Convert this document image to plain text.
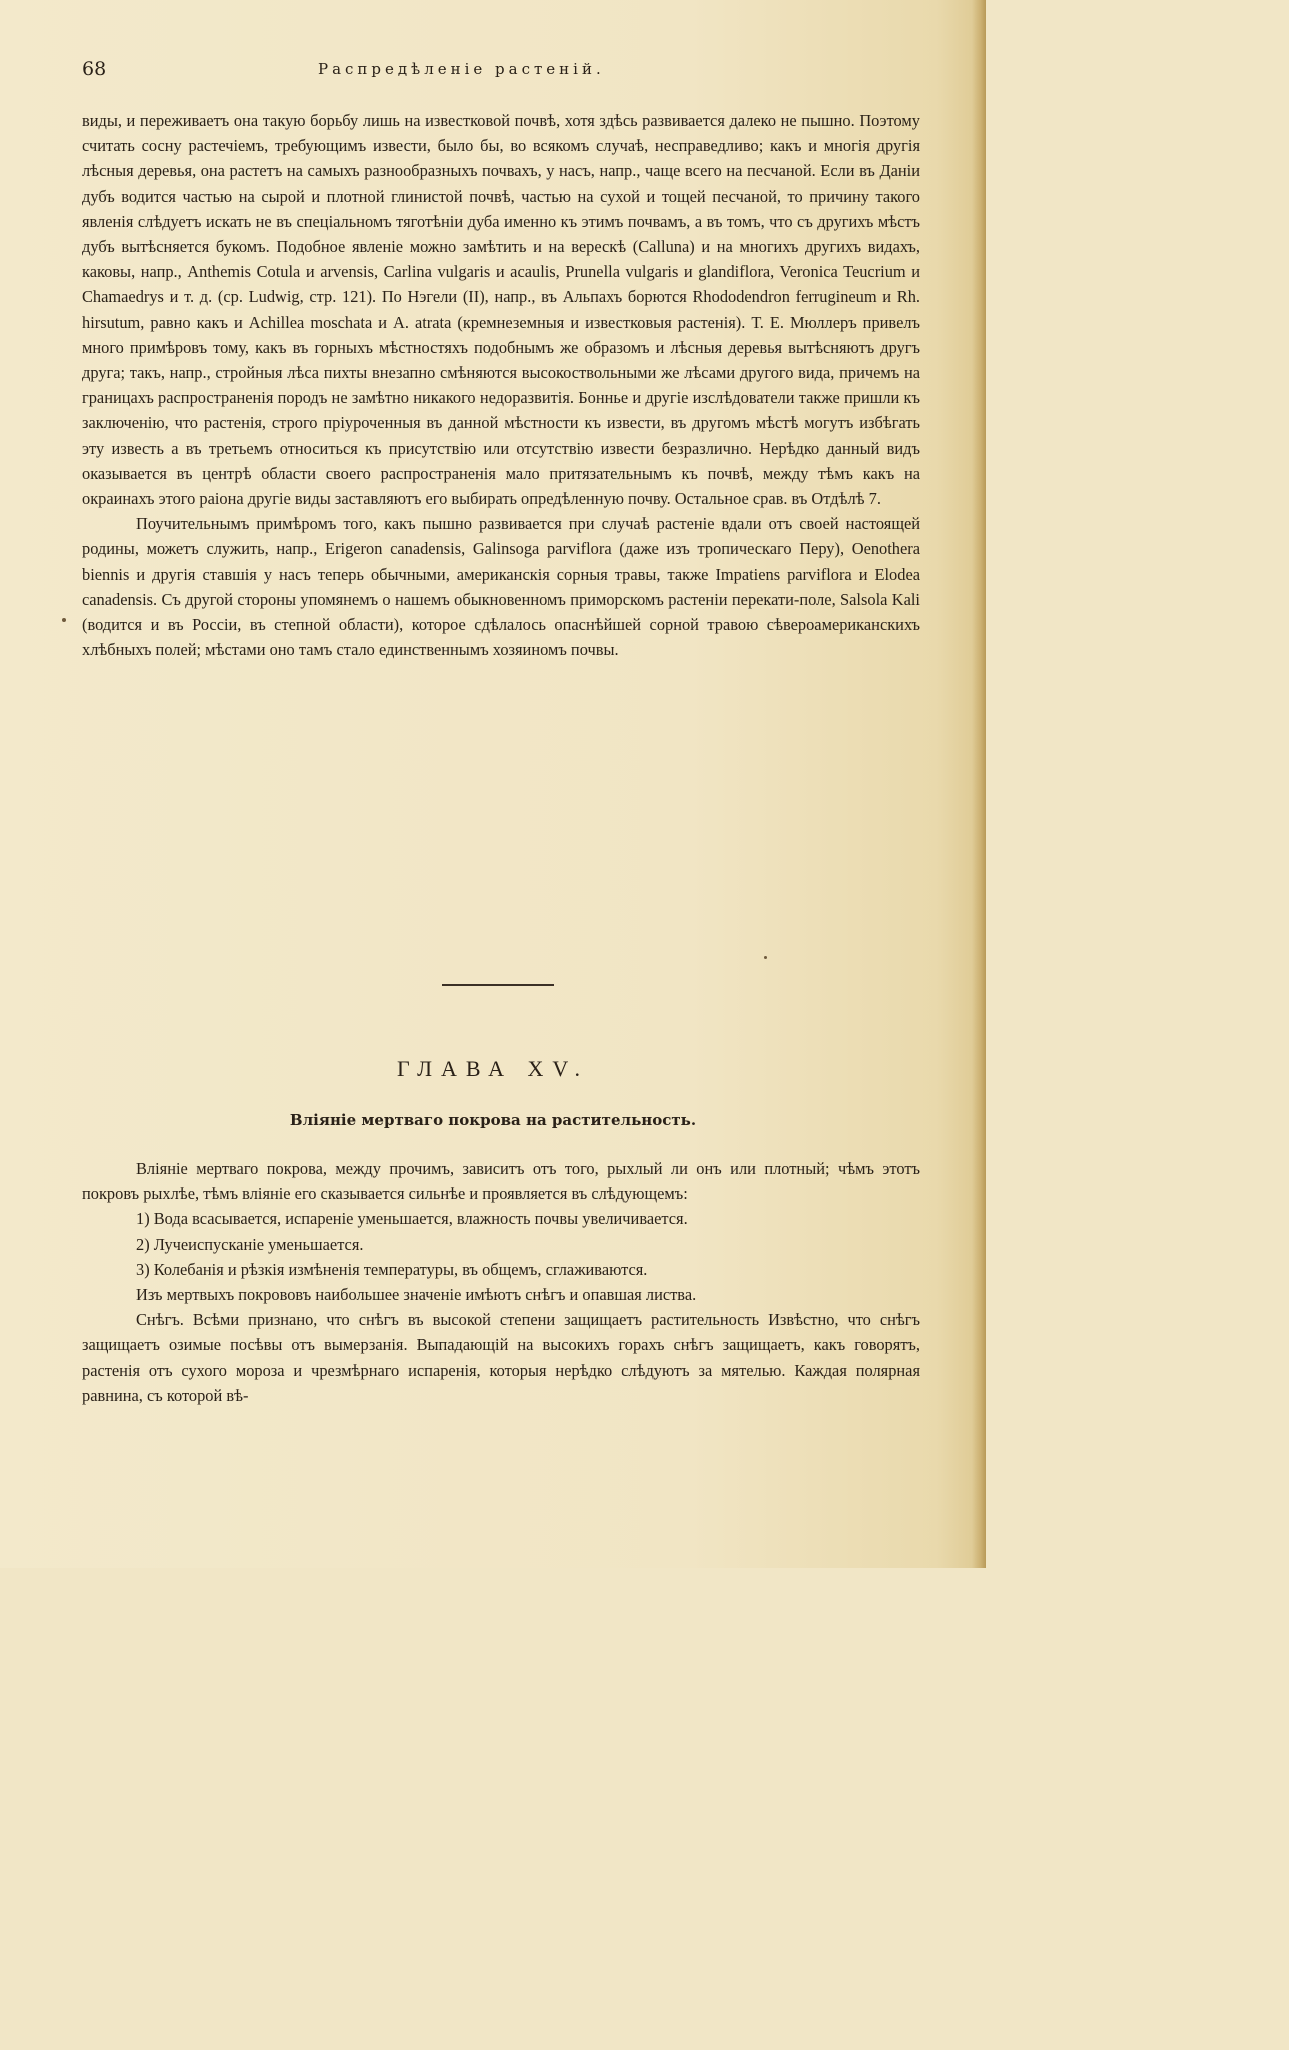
68	Распредѣленіе растеній.

виды, и переживаетъ она такую борьбу лишь на известковой почвѣ, хотя здѣсь развивается далеко не пышно. Поэтому считать сосну растечіемъ, требующимъ извести, было бы, во всякомъ случаѣ, несправедливо; какъ и многія другія лѣсныя деревья, она растетъ на самыхъ разнообразныхъ почвахъ, у насъ, напр., чаще всего на песчаной. Если въ Даніи дубъ водится частью на сырой и плотной глинистой почвѣ, частью на сухой и тощей песчаной, то причину такого явленія слѣдуетъ искать не въ спеціальномъ тяготѣніи дуба именно къ этимъ почвамъ, а въ томъ, что съ другихъ мѣстъ дубъ вытѣсняется букомъ. Подобное явленіе можно замѣтить и на верескѣ (Calluna) и на многихъ другихъ видахъ, каковы, напр., Anthemis Cotula и arvensis, Carlina vulgaris и acaulis, Prunella vulgaris и glandiflora, Veronica Teucrium и Chamaedrys и т. д. (ср. Ludwig, стр. 121). По Нэгели (II), напр., въ Альпахъ борются Rhododendron ferrugineum и Rh. hirsutum, равно какъ и Achillea moschata и A. atrata (кремнеземныя и известковыя растенія). Т. Е. Мюллеръ привелъ много примѣровъ тому, какъ въ горныхъ мѣстностяхъ подобнымъ же образомъ и лѣсныя деревья вытѣсняютъ другъ друга; такъ, напр., стройныя лѣса пихты внезапно смѣняются высокоствольными же лѣсами другого вида, причемъ на границахъ распространенія породъ не замѣтно никакого недоразвитія. Боннье и другіе изслѣдователи также пришли къ заключенію, что растенія, строго пріуроченныя въ данной мѣстности къ извести, въ другомъ мѣстѣ могутъ избѣгать эту известь а въ третьемъ относиться къ присутствію или отсутствію извести безразлично. Нерѣдко данный видъ оказывается въ центрѣ области своего распространенія мало притязательнымъ къ почвѣ, между тѣмъ какъ на окраинахъ этого раіона другіе виды заставляютъ его выбирать опредѣленную почву. Остальное срав. въ Отдѣлѣ 7.

Поучительнымъ примѣромъ того, какъ пышно развивается при случаѣ растеніе вдали отъ своей настоящей родины, можетъ служить, напр., Erigeron canadensis, Galinsoga parviflora (даже изъ тропическаго Перу), Oenothera biennis и другія ставшія у насъ теперь обычными, американскія сорныя травы, также Impatiens parviflora и Elodea canadensis. Съ другой стороны упомянемъ о нашемъ обыкновенномъ приморскомъ растеніи перекати-поле, Salsola Kali (водится и въ Россіи, въ степной области), которое сдѣлалось опаснѣйшей сорной травою сѣвероамериканскихъ хлѣбныхъ полей; мѣстами оно тамъ стало единственнымъ хозяиномъ почвы.

ГЛАВА XV.
Вліяніе мертваго покрова на растительность.

Вліяніе мертваго покрова, между прочимъ, зависитъ отъ того, рыхлый ли онъ или плотный; чѣмъ этотъ покровъ рыхлѣе, тѣмъ вліяніе его сказывается сильнѣе и проявляется въ слѣдующемъ:

1) Вода всасывается, испареніе уменьшается, влажность почвы увеличивается.

2) Лучеиспусканіе уменьшается.

3) Колебанія и рѣзкія измѣненія температуры, въ общемъ, сглаживаются.

Изъ мертвыхъ покрововъ наибольшее значеніе имѣютъ снѣгъ и опавшая листва.

Снѣгъ. Всѣми признано, что снѣгъ въ высокой степени защищаетъ растительность Извѣстно, что снѣгъ защищаетъ озимые посѣвы отъ вымерзанія. Выпадающій на высокихъ горахъ снѣгъ защищаетъ, какъ говорятъ, растенія отъ сухого мороза и чрезмѣрнаго испаренія, которыя нерѣдко слѣдуютъ за мятелью. Каждая полярная равнина, съ которой вѣ-
